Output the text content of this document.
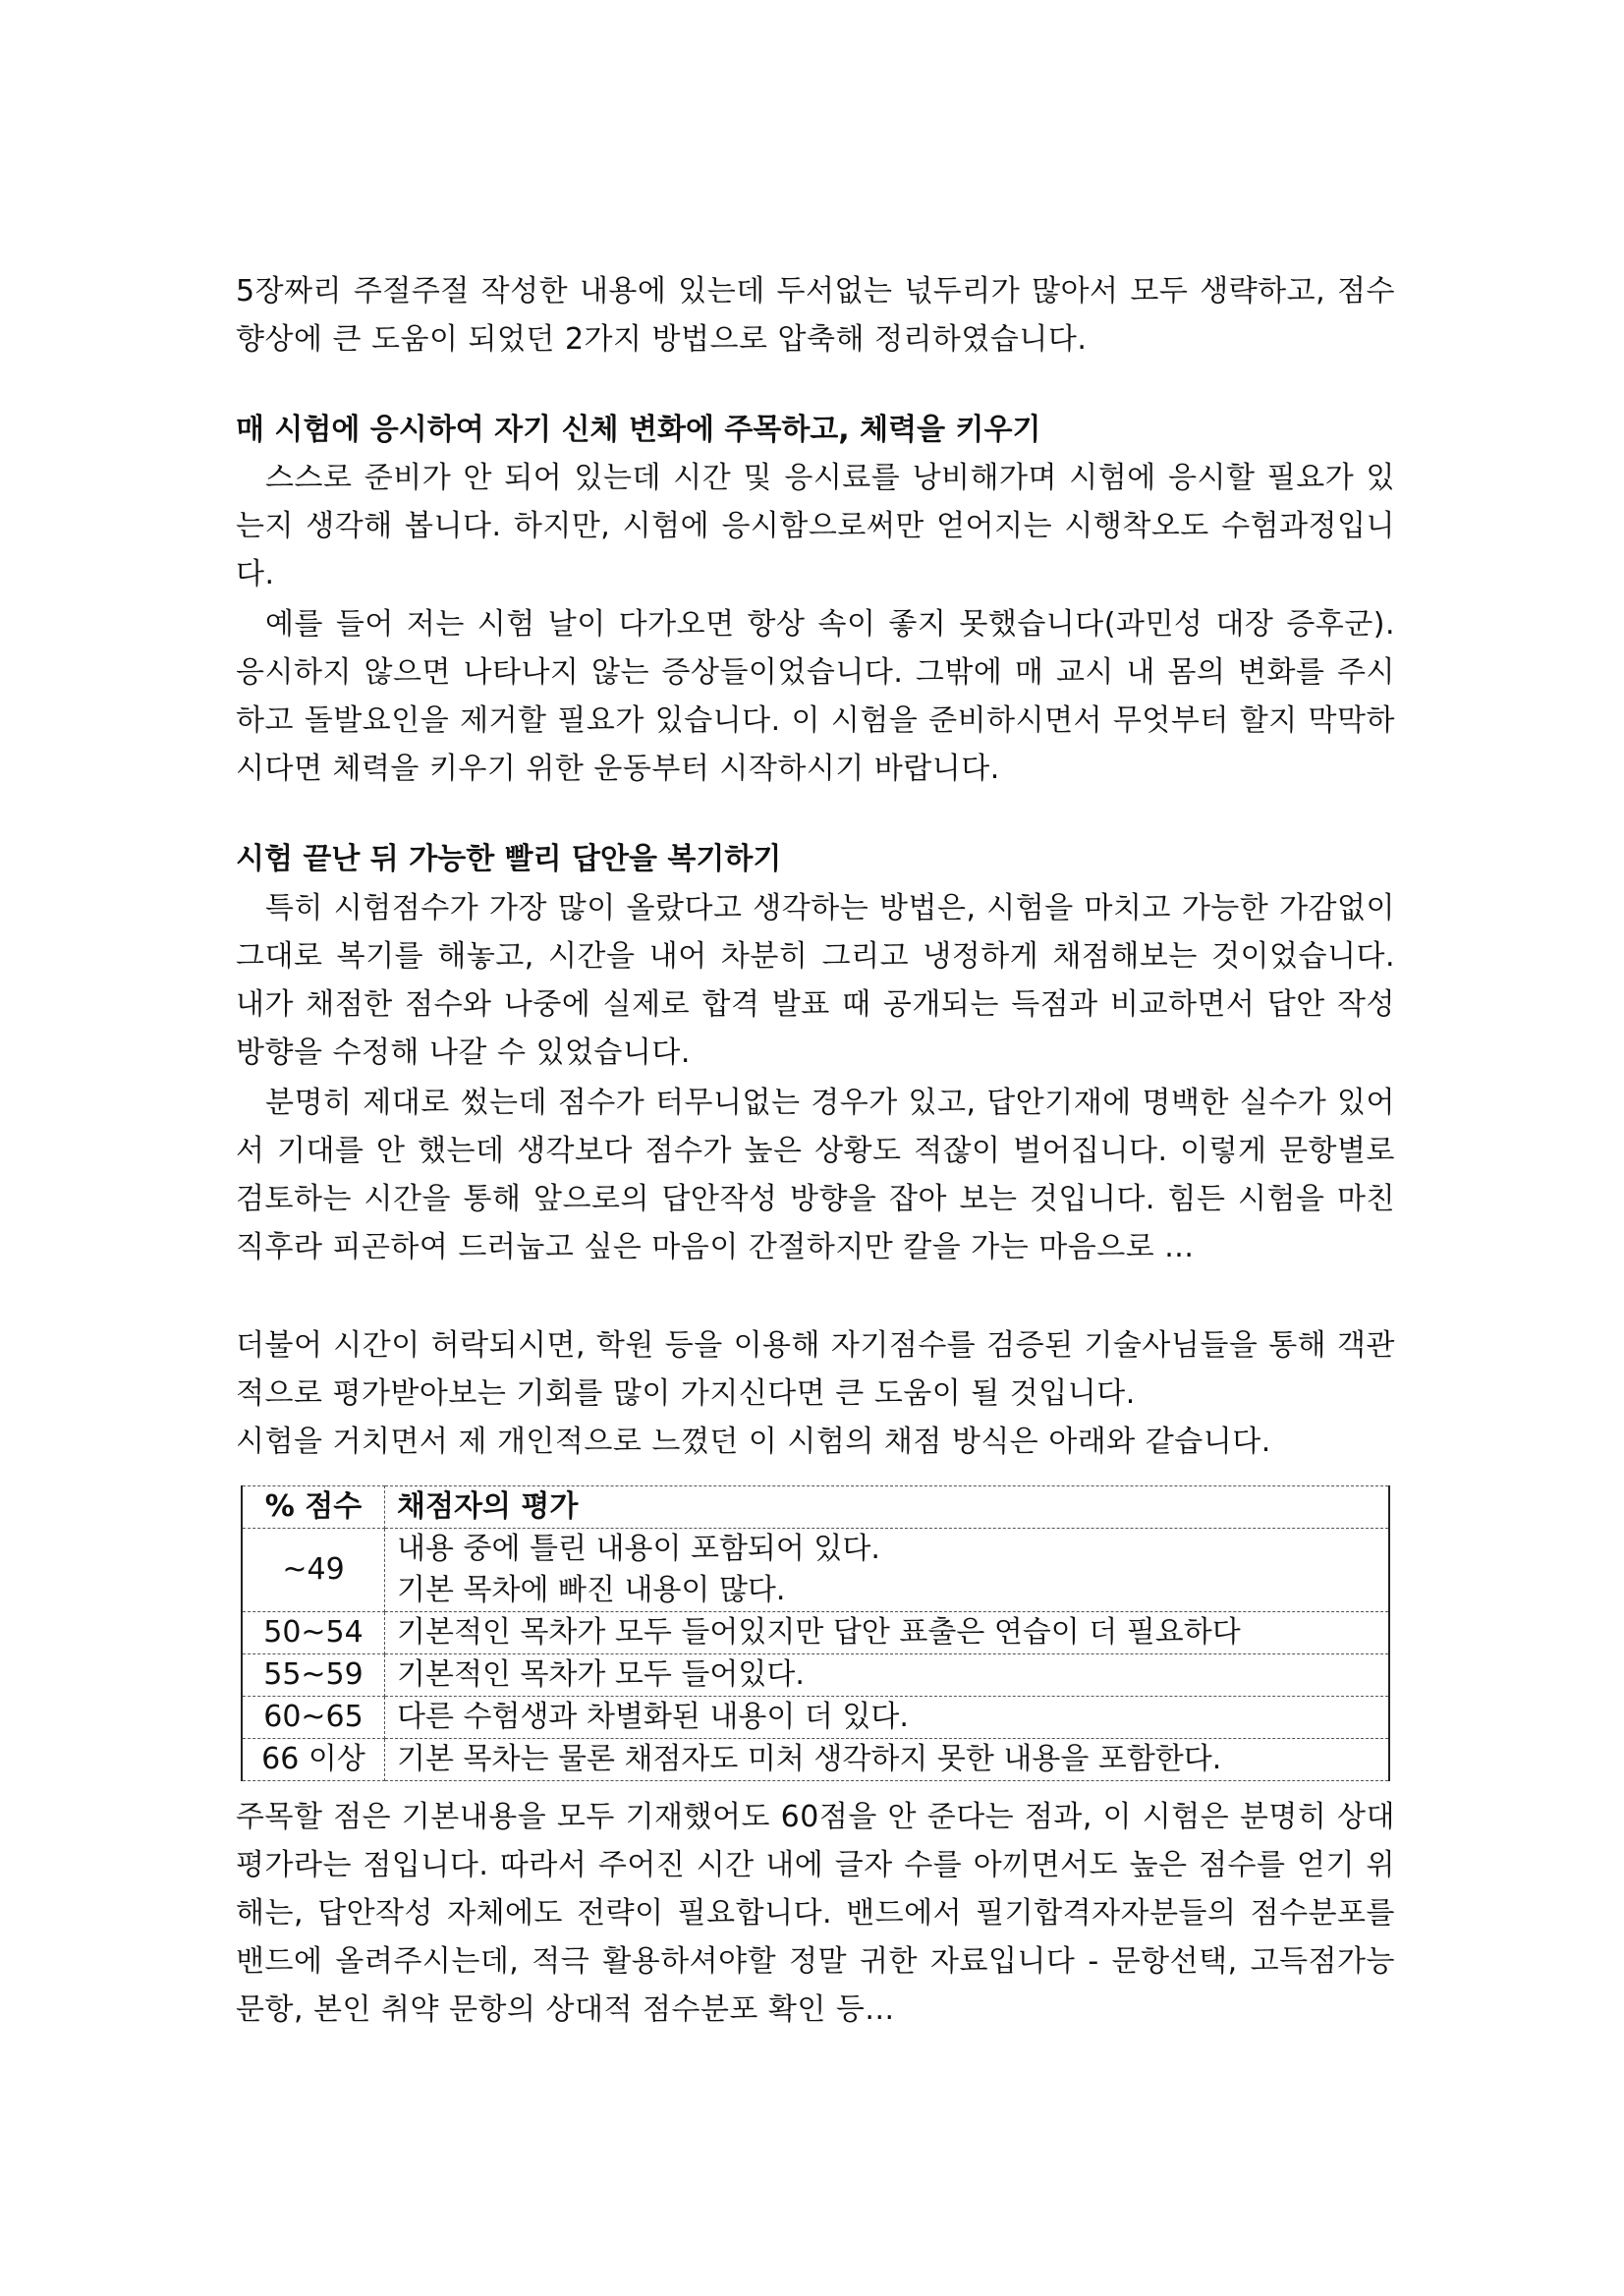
5장짜리 주절주절 작성한 내용에 있는데 두서없는 넋두리가 많아서 모두 생략하고, 점수 향상에 큰 도움이 되었던 2가지 방법으로 압축해 정리하였습니다.

매 시험에 응시하여 자기 신체 변화에 주목하고, 체력을 키우기

스스로 준비가 안 되어 있는데 시간 및 응시료를 낭비해가며 시험에 응시할 필요가 있는지 생각해 봅니다. 하지만, 시험에 응시함으로써만 얻어지는 시행착오도 수험과정입니다.

예를 들어 저는 시험 날이 다가오면 항상 속이 좋지 못했습니다(과민성 대장 증후군). 응시하지 않으면 나타나지 않는 증상들이었습니다. 그밖에 매 교시 내 몸의 변화를 주시하고 돌발요인을 제거할 필요가 있습니다. 이 시험을 준비하시면서 무엇부터 할지 막막하시다면 체력을 키우기 위한 운동부터 시작하시기 바랍니다.

시험 끝난 뒤 가능한 빨리 답안을 복기하기

특히 시험점수가 가장 많이 올랐다고 생각하는 방법은, 시험을 마치고 가능한 가감없이 그대로 복기를 해놓고, 시간을 내어 차분히 그리고 냉정하게 채점해보는 것이었습니다. 내가 채점한 점수와 나중에 실제로 합격 발표 때 공개되는 득점과 비교하면서 답안 작성 방향을 수정해 나갈 수 있었습니다.

분명히 제대로 썼는데 점수가 터무니없는 경우가 있고, 답안기재에 명백한 실수가 있어서 기대를 안 했는데 생각보다 점수가 높은 상황도 적잖이 벌어집니다. 이렇게 문항별로 검토하는 시간을 통해 앞으로의 답안작성 방향을 잡아 보는 것입니다. 힘든 시험을 마친 직후라 피곤하여 드러눕고 싶은 마음이 간절하지만 칼을 가는 마음으로 ...

더불어 시간이 허락되시면, 학원 등을 이용해 자기점수를 검증된 기술사님들을 통해 객관적으로 평가받아보는 기회를 많이 가지신다면 큰 도움이 될 것입니다.

시험을 거치면서 제 개인적으로 느꼈던 이 시험의 채점 방식은 아래와 같습니다.

% 점수	채점자의 평가
~49	내용 중에 틀린 내용이 포함되어 있다.
기본 목차에 빠진 내용이 많다.

50~54	기본적인 목차가 모두 들어있지만 답안 표출은 연습이 더 필요하다
55~59	기본적인 목차가 모두 들어있다.
60~65	다른 수험생과 차별화된 내용이 더 있다.
66 이상	기본 목차는 물론 채점자도 미처 생각하지 못한 내용을 포함한다.

주목할 점은 기본내용을 모두 기재했어도 60점을 안 준다는 점과, 이 시험은 분명히 상대평가라는 점입니다. 따라서 주어진 시간 내에 글자 수를 아끼면서도 높은 점수를 얻기 위해는, 답안작성 자체에도 전략이 필요합니다. 밴드에서 필기합격자자분들의 점수분포를 밴드에 올려주시는데, 적극 활용하셔야할 정말 귀한 자료입니다 - 문항선택, 고득점가능 문항, 본인 취약 문항의 상대적 점수분포 확인 등...
